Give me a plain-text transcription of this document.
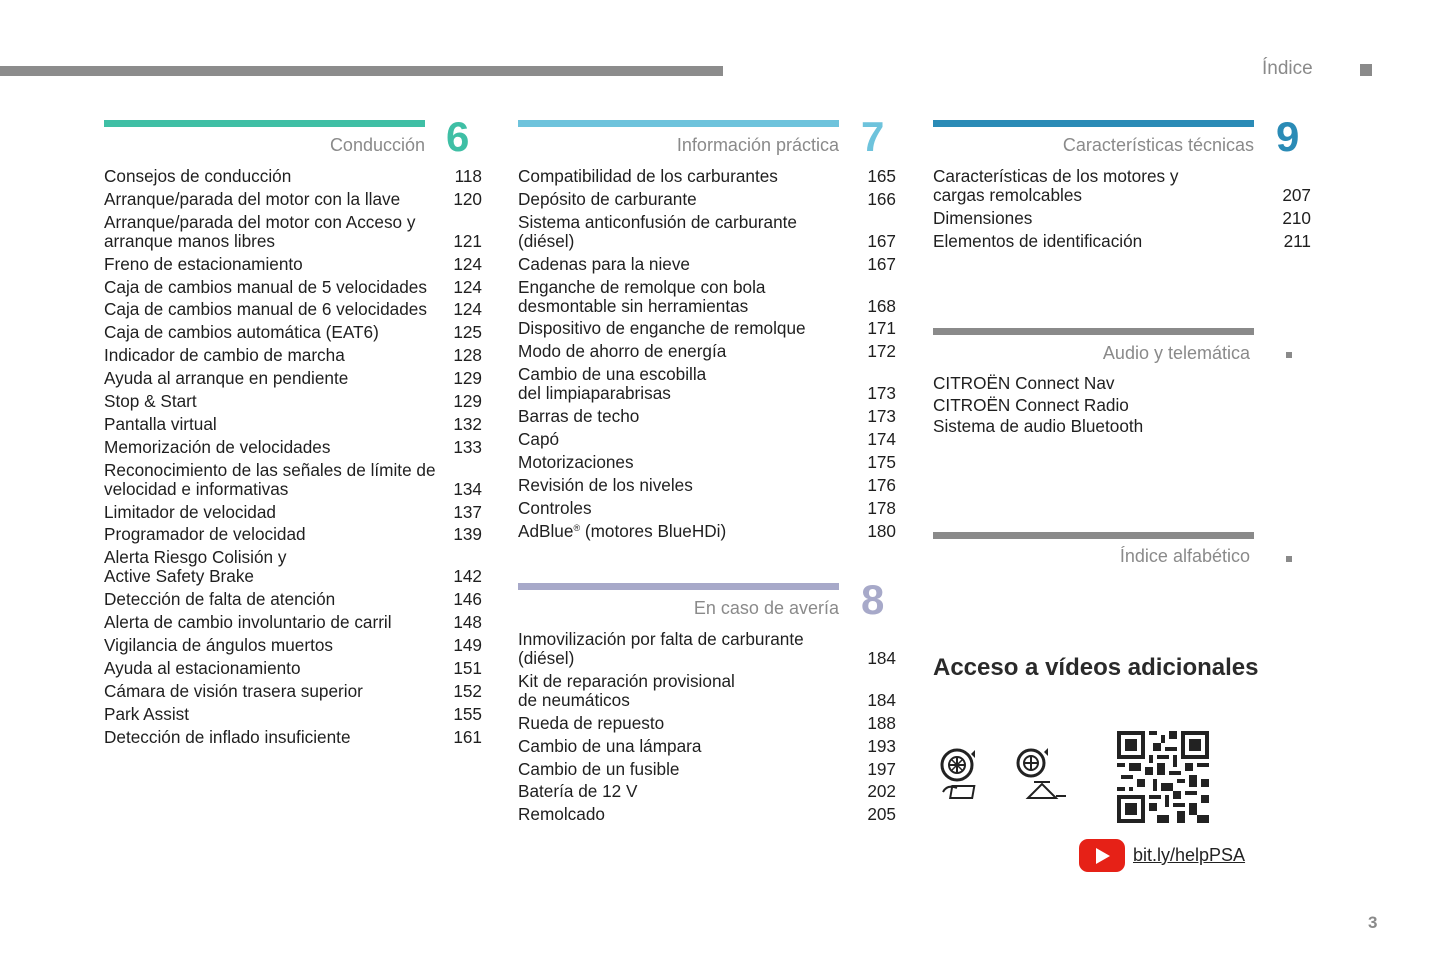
Índice
Conducción 6
Consejos de conducción	118
Arranque/parada del motor con la llave	120
Arranque/parada del motor con Acceso y arranque manos libres	121
Freno de estacionamiento	124
Caja de cambios manual de 5 velocidades	124
Caja de cambios manual de 6 velocidades	124
Caja de cambios automática (EAT6)	125
Indicador de cambio de marcha	128
Ayuda al arranque en pendiente	129
Stop & Start	129
Pantalla virtual	132
Memorización de velocidades	133
Reconocimiento de las señales de límite de velocidad e informativas	134
Limitador de velocidad	137
Programador de velocidad	139
Alerta Riesgo Colisión y Active Safety Brake	142
Detección de falta de atención	146
Alerta de cambio involuntario de carril	148
Vigilancia de ángulos muertos	149
Ayuda al estacionamiento	151
Cámara de visión trasera superior	152
Park Assist	155
Detección de inflado insuficiente	161
Información práctica 7
Compatibilidad de los carburantes	165
Depósito de carburante	166
Sistema anticonfusión de carburante (diésel)	167
Cadenas para la nieve	167
Enganche de remolque con bola desmontable sin herramientas	168
Dispositivo de enganche de remolque	171
Modo de ahorro de energía	172
Cambio de una escobilla del limpiaparabrisas	173
Barras de techo	173
Capó	174
Motorizaciones	175
Revisión de los niveles	176
Controles	178
AdBlue® (motores BlueHDi)	180
En caso de avería 8
Inmovilización por falta de carburante (diésel)	184
Kit de reparación provisional de neumáticos	184
Rueda de repuesto	188
Cambio de una lámpara	193
Cambio de un fusible	197
Batería de 12 V	202
Remolcado	205
Características técnicas 9
Características de los motores y cargas remolcables	207
Dimensiones	210
Elementos de identificación	211
Audio y telemática
CITROËN Connect Nav
CITROËN Connect Radio
Sistema de audio Bluetooth
Índice alfabético
Acceso a vídeos adicionales
bit.ly/helpPSA
3
